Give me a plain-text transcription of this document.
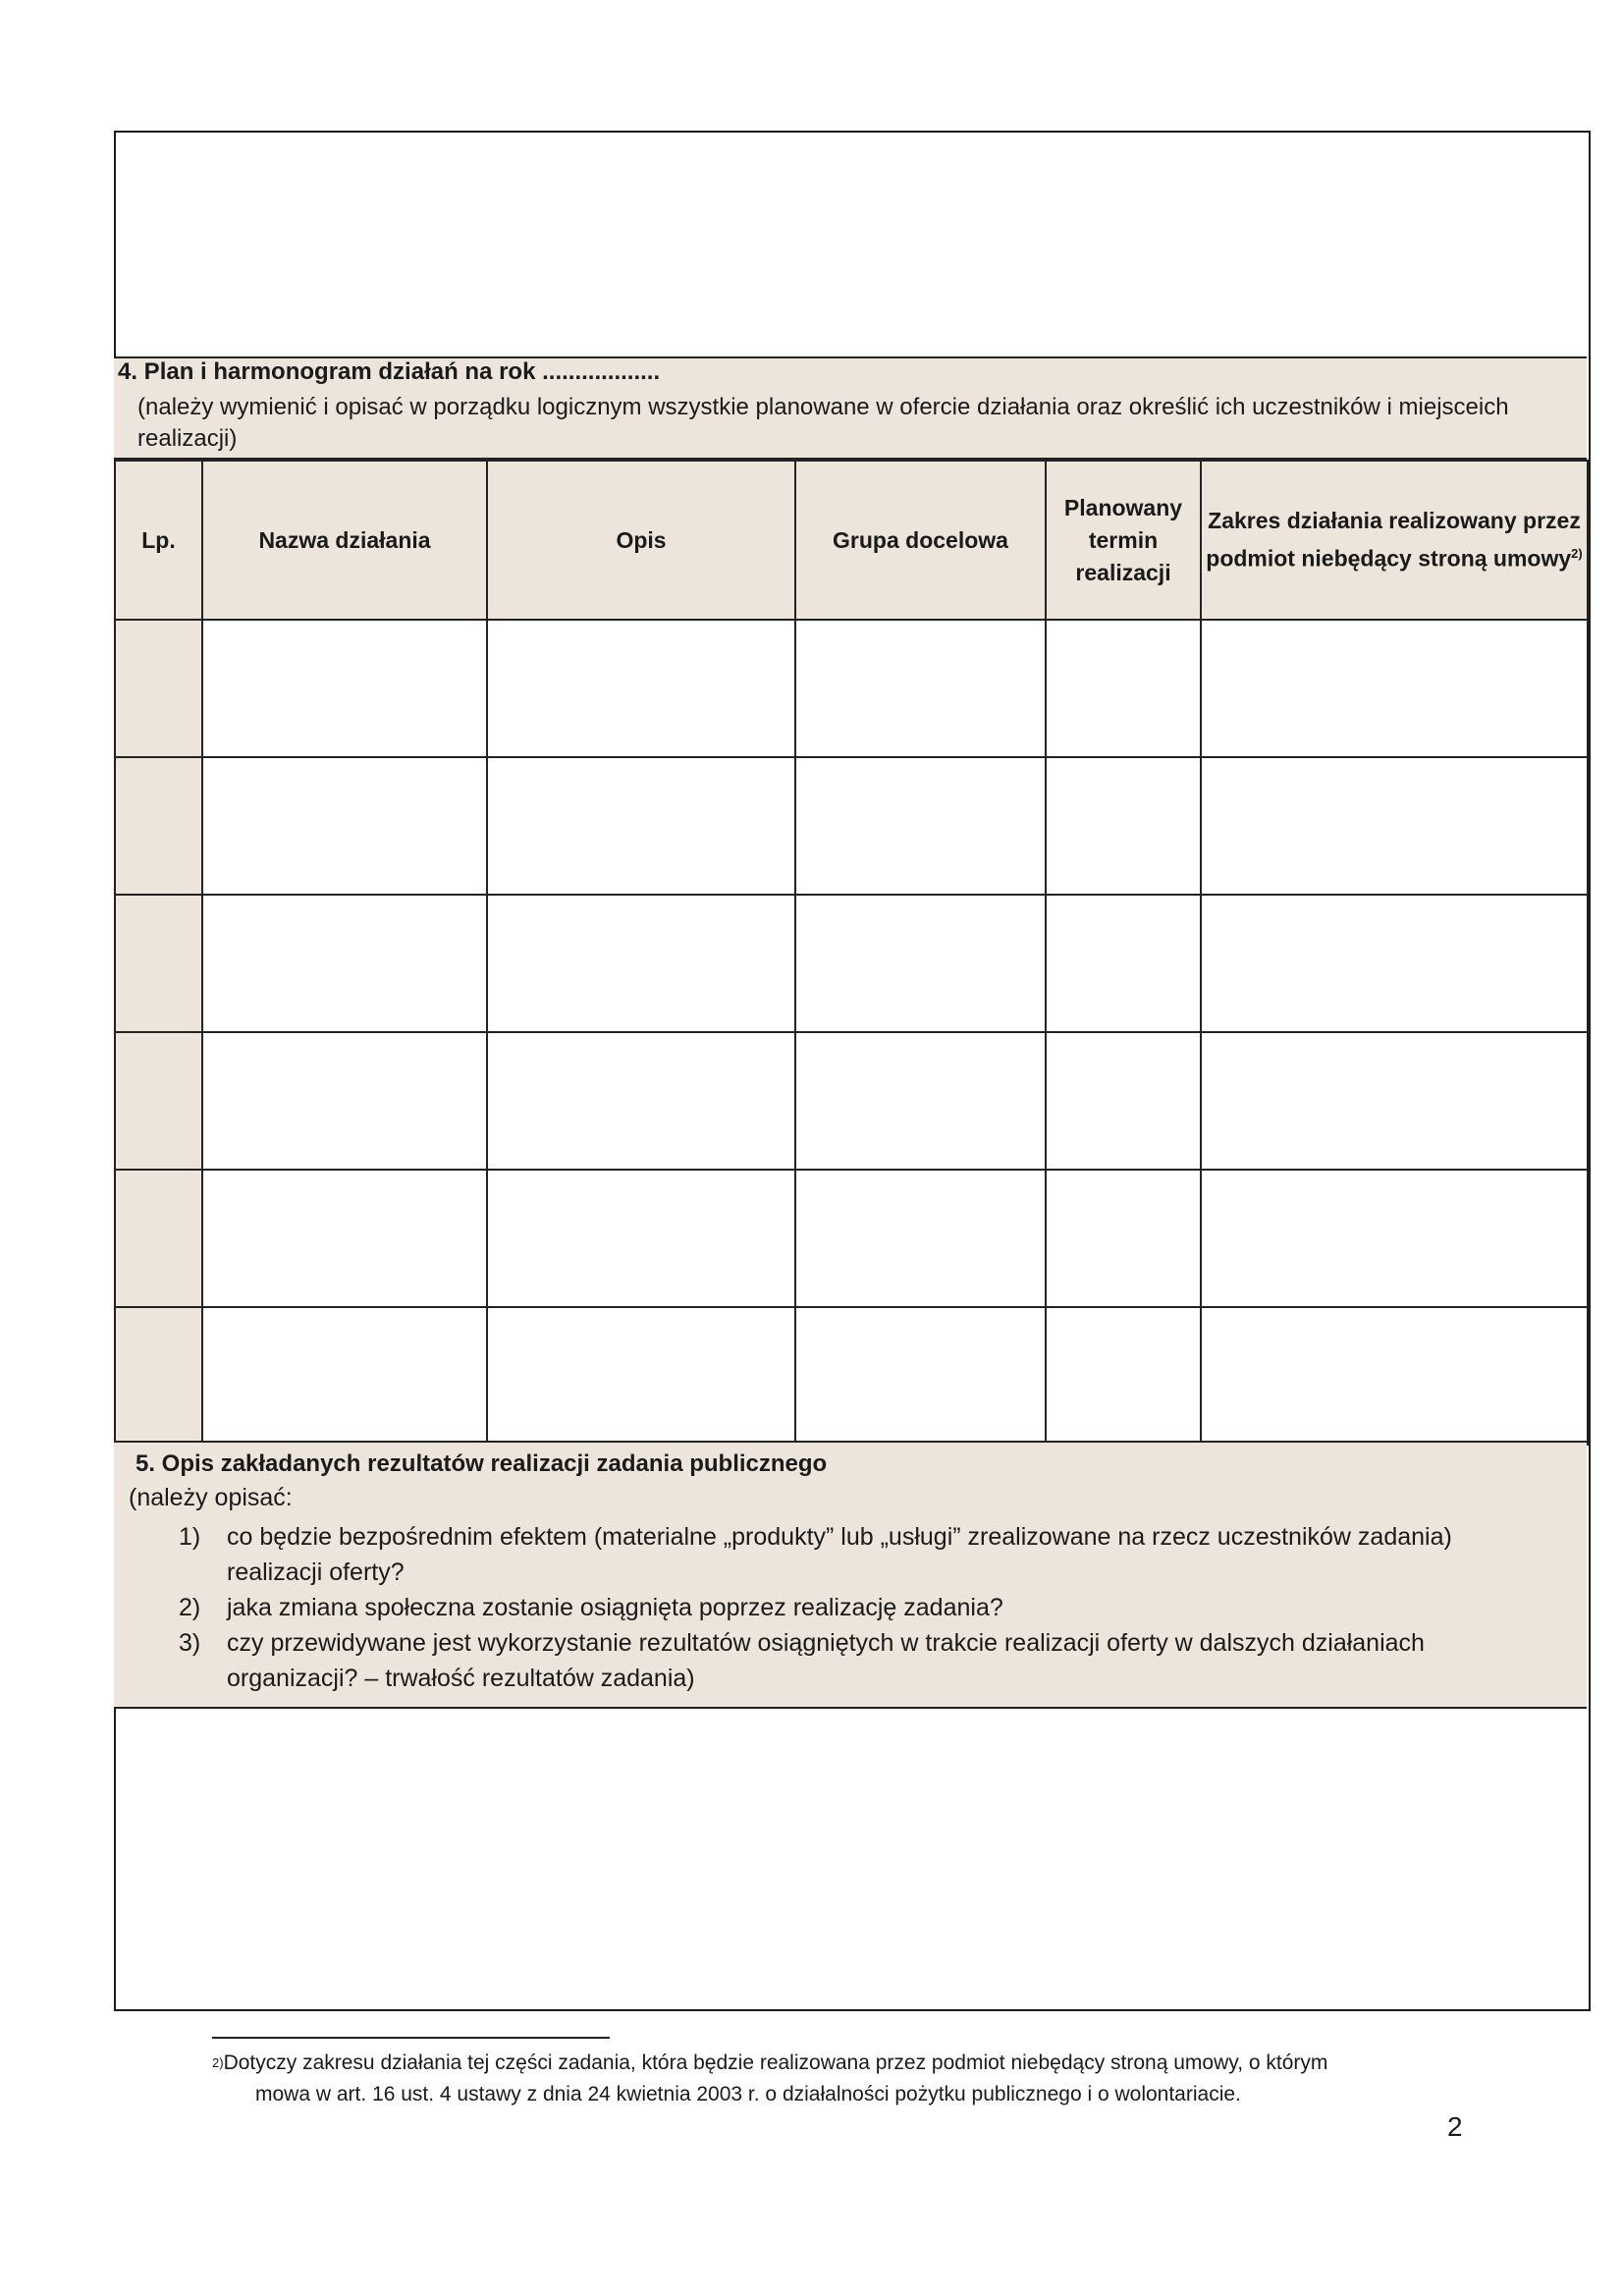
4. Plan i harmonogram działań na rok ..................
(należy wymienić i opisać w porządku logicznym wszystkie planowane w ofercie działania oraz określić ich uczestników i miejsceich realizacji)
Lp.	Nazwa działania	Opis	Grupa docelowa	Planowany termin realizacji	Zakres działania realizowany przez podmiot niebędący stroną umowy$^{2)}$

5. Opis zakładanych rezultatów realizacji zadania publicznego
(należy opisać:
1) co będzie bezpośrednim efektem (materialne „produkty” lub „usługi” zrealizowane na rzecz uczestników zadania) realizacji oferty?
2) jaka zmiana społeczna zostanie osiągnięta poprzez realizację zadania?
3) czy przewidywane jest wykorzystanie rezultatów osiągniętych w trakcie realizacji oferty w dalszych działaniach organizacji? – trwałość rezultatów zadania)
$^{2)}$Dotyczy zakresu działania tej części zadania, która będzie realizowana przez podmiot niebędący stroną umowy, o którym
mowa w art. 16 ust. 4 ustawy z dnia 24 kwietnia 2003 r. o działalności pożytku publicznego i o wolontariacie.
2
